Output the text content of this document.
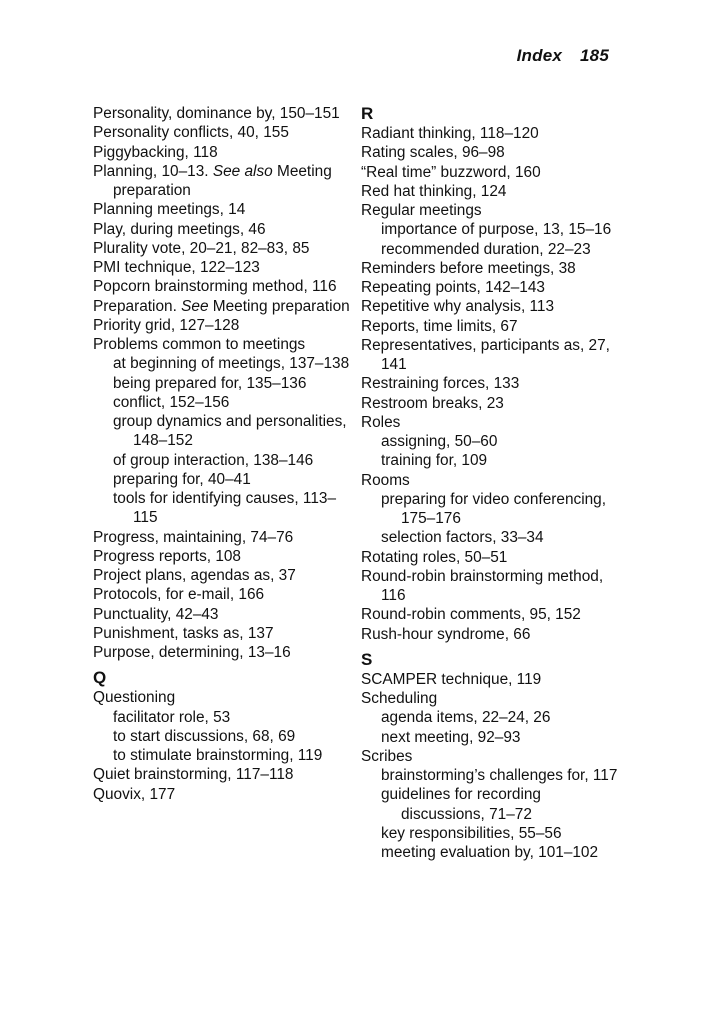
Index 185
Personality, dominance by, 150–151
Personality conflicts, 40, 155
Piggybacking, 118
Planning, 10–13. See also Meeting preparation
Planning meetings, 14
Play, during meetings, 46
Plurality vote, 20–21, 82–83, 85
PMI technique, 122–123
Popcorn brainstorming method, 116
Preparation. See Meeting preparation
Priority grid, 127–128
Problems common to meetings
at beginning of meetings, 137–138
being prepared for, 135–136
conflict, 152–156
group dynamics and personalities, 148–152
of group interaction, 138–146
preparing for, 40–41
tools for identifying causes, 113–115
Progress, maintaining, 74–76
Progress reports, 108
Project plans, agendas as, 37
Protocols, for e-mail, 166
Punctuality, 42–43
Punishment, tasks as, 137
Purpose, determining, 13–16
Q
Questioning
facilitator role, 53
to start discussions, 68, 69
to stimulate brainstorming, 119
Quiet brainstorming, 117–118
Quovix, 177
R
Radiant thinking, 118–120
Rating scales, 96–98
“Real time” buzzword, 160
Red hat thinking, 124
Regular meetings
importance of purpose, 13, 15–16
recommended duration, 22–23
Reminders before meetings, 38
Repeating points, 142–143
Repetitive why analysis, 113
Reports, time limits, 67
Representatives, participants as, 27, 141
Restraining forces, 133
Restroom breaks, 23
Roles
assigning, 50–60
training for, 109
Rooms
preparing for video conferencing, 175–176
selection factors, 33–34
Rotating roles, 50–51
Round-robin brainstorming method, 116
Round-robin comments, 95, 152
Rush-hour syndrome, 66
S
SCAMPER technique, 119
Scheduling
agenda items, 22–24, 26
next meeting, 92–93
Scribes
brainstorming’s challenges for, 117
guidelines for recording discussions, 71–72
key responsibilities, 55–56
meeting evaluation by, 101–102
